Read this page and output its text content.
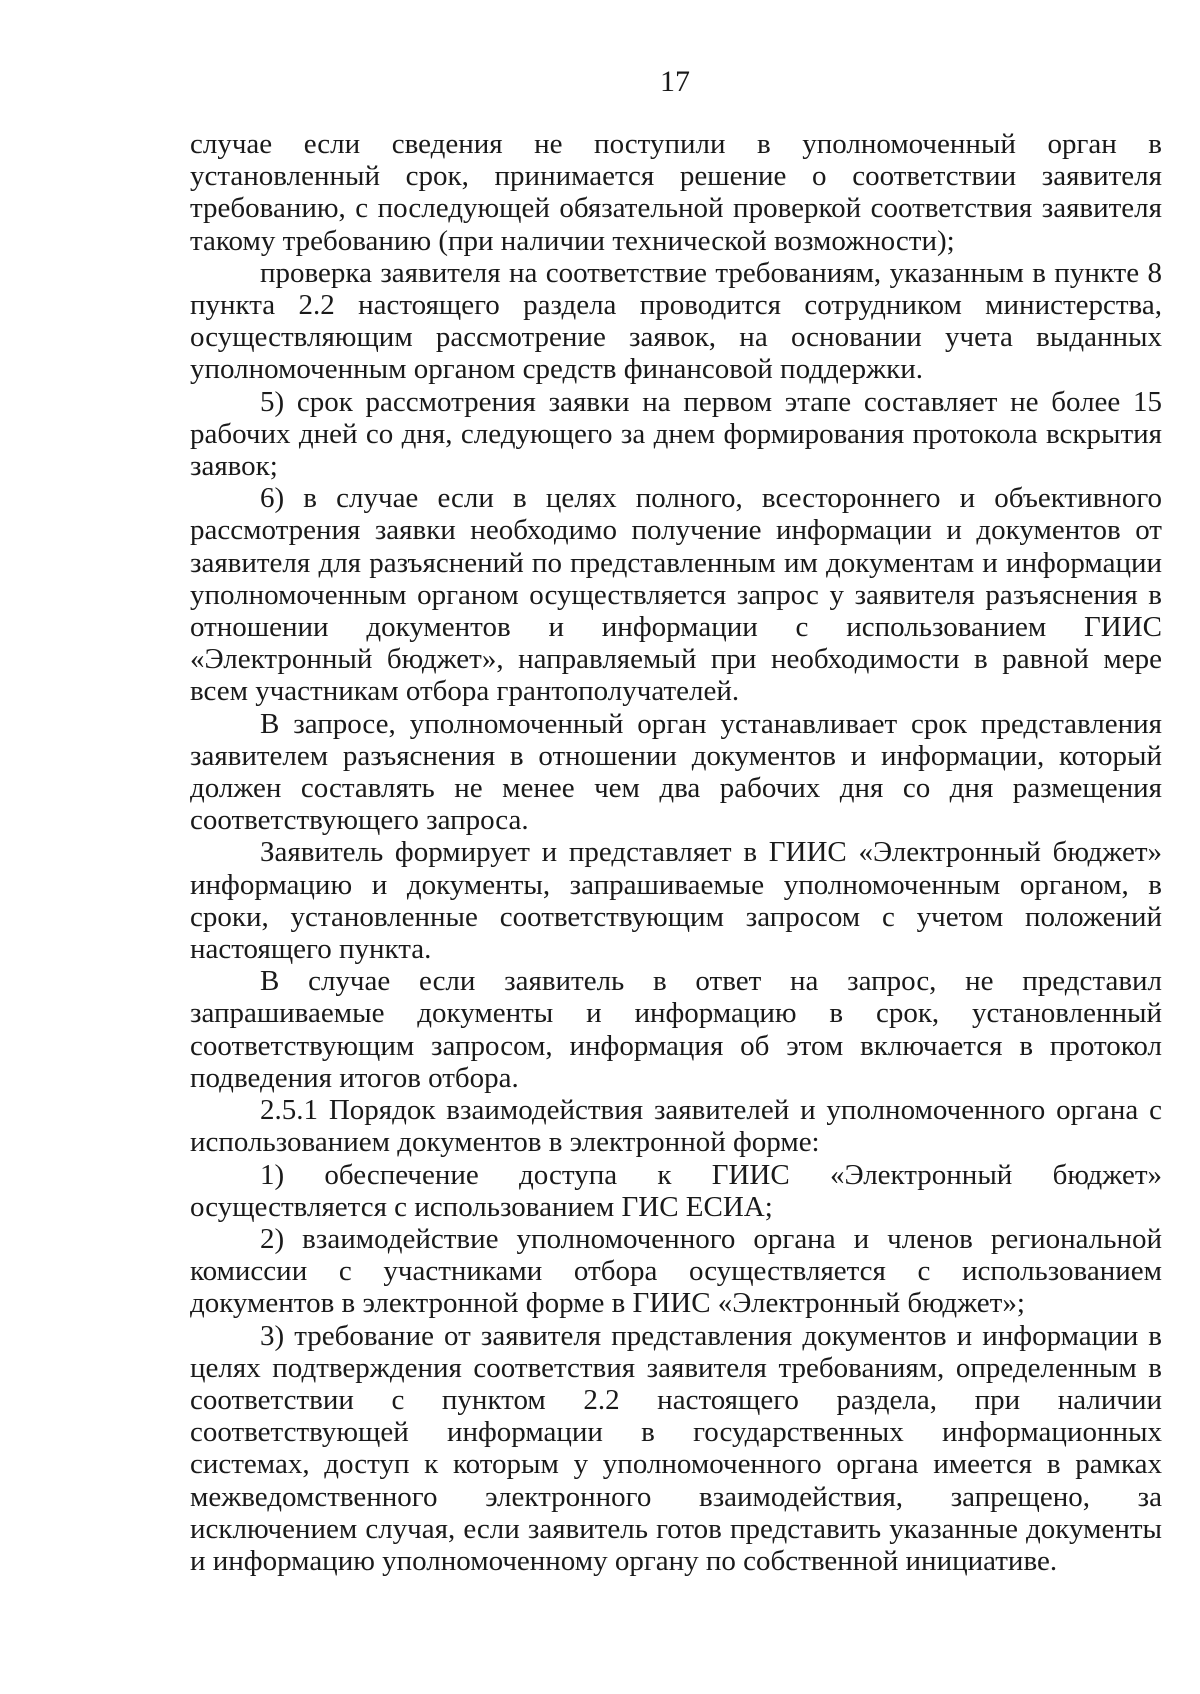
17

случае если сведения не поступили в уполномоченный орган в установленный срок, принимается решение о соответствии заявителя требованию, с последующей обязательной проверкой соответствия заявителя такому требованию (при наличии технической возможности);

проверка заявителя на соответствие требованиям, указанным в пункте 8 пункта 2.2 настоящего раздела проводится сотрудником министерства, осуществляющим рассмотрение заявок, на основании учета выданных уполномоченным органом средств финансовой поддержки.

5) срок рассмотрения заявки на первом этапе составляет не более 15 рабочих дней со дня, следующего за днем формирования протокола вскрытия заявок;

6) в случае если в целях полного, всестороннего и объективного рассмотрения заявки необходимо получение информации и документов от заявителя для разъяснений по представленным им документам и информации уполномоченным органом осуществляется запрос у заявителя разъяснения в отношении документов и информации с использованием ГИИС «Электронный бюджет», направляемый при необходимости в равной мере всем участникам отбора грантополучателей.

В запросе, уполномоченный орган устанавливает срок представления заявителем разъяснения в отношении документов и информации, который должен составлять не менее чем два рабочих дня со дня размещения соответствующего запроса.

Заявитель формирует и представляет в ГИИС «Электронный бюджет» информацию и документы, запрашиваемые уполномоченным органом, в сроки, установленные соответствующим запросом с учетом положений настоящего пункта.

В случае если заявитель в ответ на запрос, не представил запрашиваемые документы и информацию в срок, установленный соответствующим запросом, информация об этом включается в протокол подведения итогов отбора.

2.5.1 Порядок взаимодействия заявителей и уполномоченного органа с использованием документов в электронной форме:

1) обеспечение доступа к ГИИС «Электронный бюджет» осуществляется с использованием ГИС ЕСИА;

2) взаимодействие уполномоченного органа и членов региональной комиссии с участниками отбора осуществляется с использованием документов в электронной форме в ГИИС «Электронный бюджет»;

3) требование от заявителя представления документов и информации в целях подтверждения соответствия заявителя требованиям, определенным в соответствии с пунктом 2.2 настоящего раздела, при наличии соответствующей информации в государственных информационных системах, доступ к которым у уполномоченного органа имеется в рамках межведомственного электронного взаимодействия, запрещено, за исключением случая, если заявитель готов представить указанные документы и информацию уполномоченному органу по собственной инициативе.
